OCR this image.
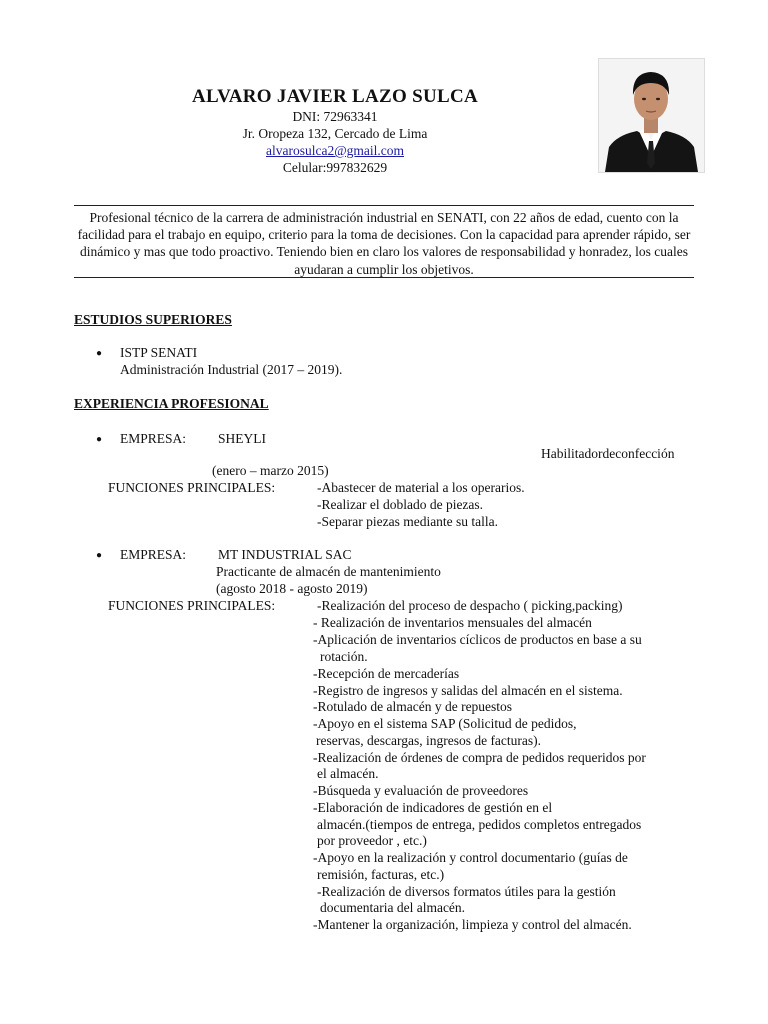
ALVARO JAVIER LAZO SULCA
DNI: 72963341
Jr. Oropeza 132, Cercado de Lima
alvarosulca2@gmail.com
Celular:997832629
Profesional técnico de la carrera de administración industrial en SENATI, con 22 años de edad, cuento con la facilidad para el trabajo en equipo, criterio para la toma de decisiones. Con la capacidad para aprender rápido, ser dinámico y mas que todo proactivo. Teniendo bien en claro los valores de responsabilidad y honradez, los cuales ayudaran a cumplir los objetivos.
ESTUDIOS SUPERIORES
● ISTP SENATI
Administración Industrial (2017 – 2019).
EXPERIENCIA PROFESIONAL
● EMPRESA: SHEYLI
Habilitadordeconfección
(enero – marzo 2015)
FUNCIONES PRINCIPALES:	-Abastecer de material a los operarios.
-Realizar el doblado de piezas.
-Separar piezas mediante su talla.
● EMPRESA: MT INDUSTRIAL SAC
Practicante de almacén de mantenimiento
(agosto 2018 - agosto 2019)
FUNCIONES PRINCIPALES:	-Realización del proceso de despacho ( picking,packing)
- Realización de inventarios mensuales del almacén
-Aplicación de inventarios cíclicos de productos en base a su
rotación.
-Recepción de mercaderías
-Registro de ingresos y salidas del almacén en el sistema.
-Rotulado de almacén y de repuestos
-Apoyo en el sistema SAP (Solicitud de pedidos,
reservas, descargas, ingresos de facturas).
-Realización de órdenes de compra de pedidos requeridos por
el almacén.
-Búsqueda y evaluación de proveedores
-Elaboración de indicadores de gestión en el
almacén.(tiempos de entrega, pedidos completos entregados
por proveedor , etc.)
-Apoyo en la realización y control documentario (guías de
remisión, facturas, etc.)
-Realización de diversos formatos útiles para la gestión
documentaria del almacén.
-Mantener la organización, limpieza y control del almacén.
